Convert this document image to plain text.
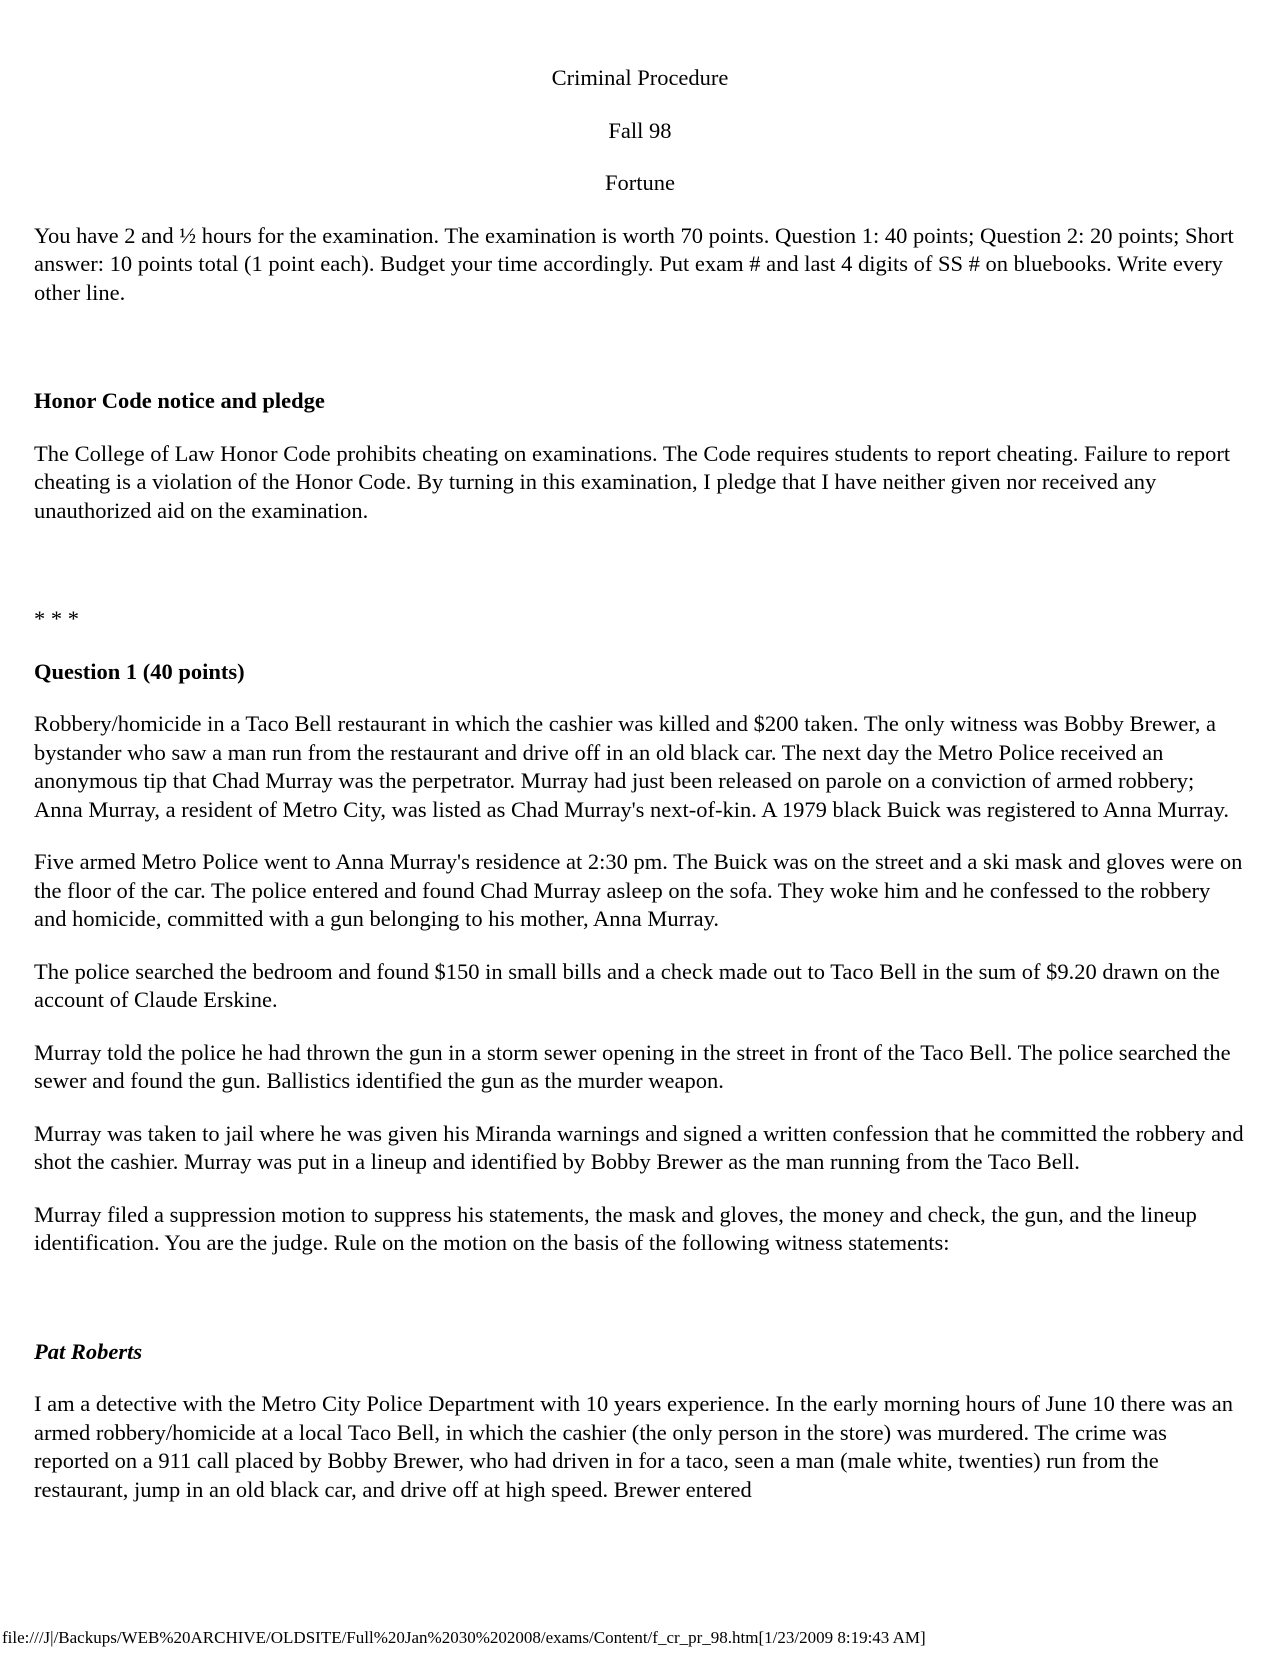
Criminal Procedure
Fall 98
Fortune

You have 2 and ½ hours for the examination. The examination is worth 70 points. Question 1: 40 points; Question 2: 20 points; Short answer: 10 points total (1 point each). Budget your time accordingly. Put exam # and last 4 digits of SS # on bluebooks. Write every other line.

Honor Code notice and pledge

The College of Law Honor Code prohibits cheating on examinations. The Code requires students to report cheating. Failure to report cheating is a violation of the Honor Code. By turning in this examination, I pledge that I have neither given nor received any unauthorized aid on the examination.

* * *

Question 1 (40 points)

Robbery/homicide in a Taco Bell restaurant in which the cashier was killed and $200 taken. The only witness was Bobby Brewer, a bystander who saw a man run from the restaurant and drive off in an old black car. The next day the Metro Police received an anonymous tip that Chad Murray was the perpetrator. Murray had just been released on parole on a conviction of armed robbery; Anna Murray, a resident of Metro City, was listed as Chad Murray's next-of-kin. A 1979 black Buick was registered to Anna Murray.

Five armed Metro Police went to Anna Murray's residence at 2:30 pm. The Buick was on the street and a ski mask and gloves were on the floor of the car. The police entered and found Chad Murray asleep on the sofa. They woke him and he confessed to the robbery and homicide, committed with a gun belonging to his mother, Anna Murray.

The police searched the bedroom and found $150 in small bills and a check made out to Taco Bell in the sum of $9.20 drawn on the account of Claude Erskine.

Murray told the police he had thrown the gun in a storm sewer opening in the street in front of the Taco Bell. The police searched the sewer and found the gun. Ballistics identified the gun as the murder weapon.

Murray was taken to jail where he was given his Miranda warnings and signed a written confession that he committed the robbery and shot the cashier. Murray was put in a lineup and identified by Bobby Brewer as the man running from the Taco Bell.

Murray filed a suppression motion to suppress his statements, the mask and gloves, the money and check, the gun, and the lineup identification. You are the judge. Rule on the motion on the basis of the following witness statements:

Pat Roberts

I am a detective with the Metro City Police Department with 10 years experience. In the early morning hours of June 10 there was an armed robbery/homicide at a local Taco Bell, in which the cashier (the only person in the store) was murdered. The crime was reported on a 911 call placed by Bobby Brewer, who had driven in for a taco, seen a man (male white, twenties) run from the restaurant, jump in an old black car, and drive off at high speed. Brewer entered

file:///J|/Backups/WEB%20ARCHIVE/OLDSITE/Full%20Jan%2030%202008/exams/Content/f_cr_pr_98.htm[1/23/2009 8:19:43 AM]
